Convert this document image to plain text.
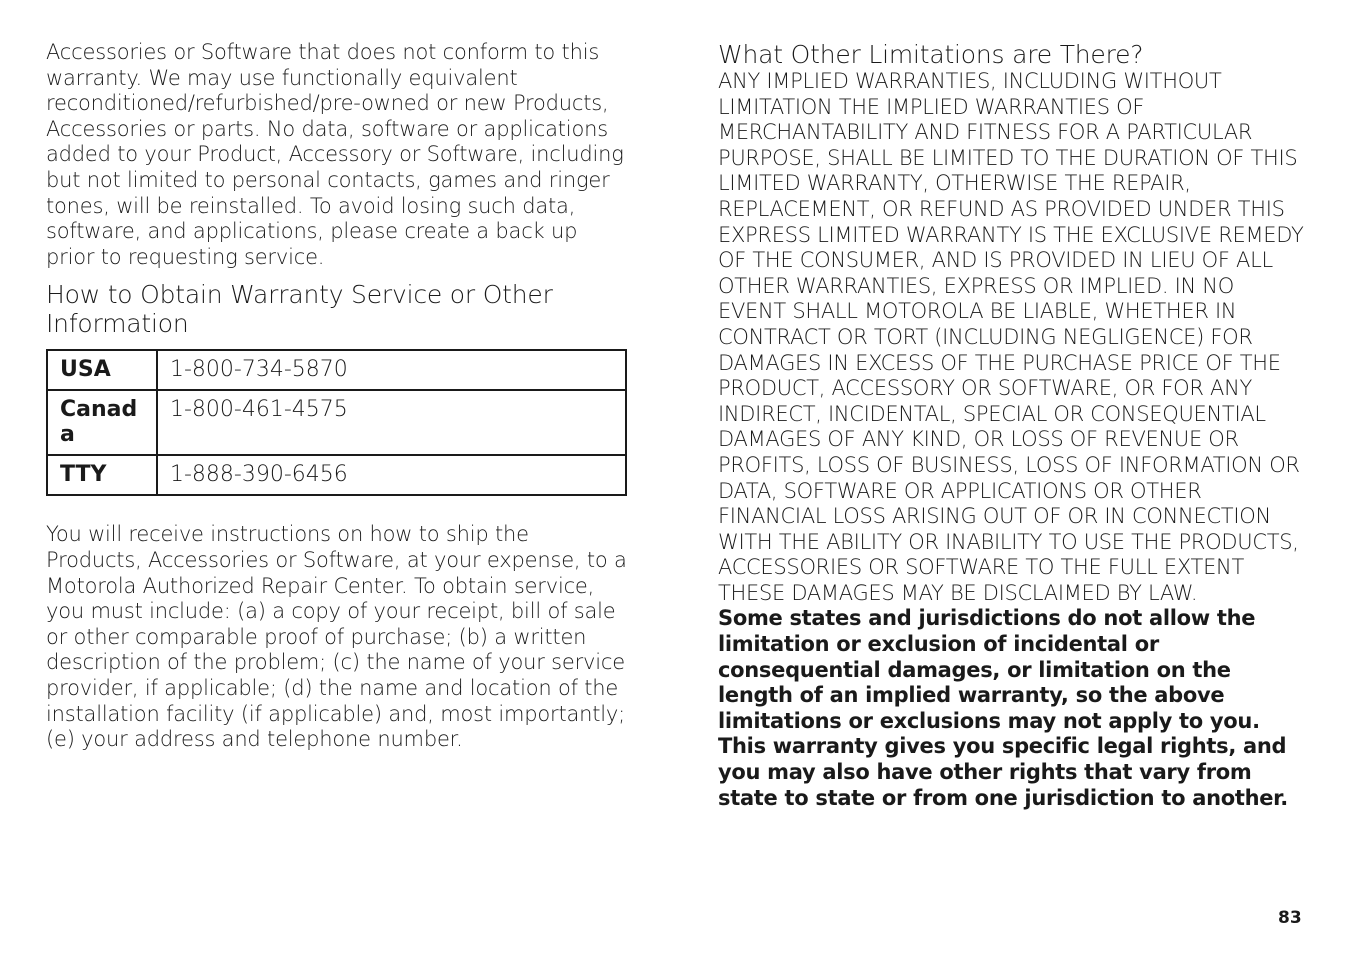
Accessories or Software that does not conform to this warranty. We may use functionally equivalent reconditioned/refurbished/pre-owned or new Products, Accessories or parts. No data, software or applications added to your Product, Accessory or Software, including but not limited to personal contacts, games and ringer tones, will be reinstalled. To avoid losing such data, software, and applications, please create a back up prior to requesting service.

How to Obtain Warranty Service or Other Information
USA	1-800-734-5870
Canada	1-800-461-4575
TTY	1-888-390-6456

You will receive instructions on how to ship the Products, Accessories or Software, at your expense, to a Motorola Authorized Repair Center. To obtain service, you must include: (a) a copy of your receipt, bill of sale or other comparable proof of purchase; (b) a written description of the problem; (c) the name of your service provider, if applicable; (d) the name and location of the installation facility (if applicable) and, most importantly; (e) your address and telephone number.

What Other Limitations are There?

ANY IMPLIED WARRANTIES, INCLUDING WITHOUT LIMITATION THE IMPLIED WARRANTIES OF MERCHANTABILITY AND FITNESS FOR A PARTICULAR PURPOSE, SHALL BE LIMITED TO THE DURATION OF THIS LIMITED WARRANTY, OTHERWISE THE REPAIR, REPLACEMENT, OR REFUND AS PROVIDED UNDER THIS EXPRESS LIMITED WARRANTY IS THE EXCLUSIVE REMEDY OF THE CONSUMER, AND IS PROVIDED IN LIEU OF ALL OTHER WARRANTIES, EXPRESS OR IMPLIED. IN NO EVENT SHALL MOTOROLA BE LIABLE, WHETHER IN CONTRACT OR TORT (INCLUDING NEGLIGENCE) FOR DAMAGES IN EXCESS OF THE PURCHASE PRICE OF THE PRODUCT, ACCESSORY OR SOFTWARE, OR FOR ANY INDIRECT, INCIDENTAL, SPECIAL OR CONSEQUENTIAL DAMAGES OF ANY KIND, OR LOSS OF REVENUE OR PROFITS, LOSS OF BUSINESS, LOSS OF INFORMATION OR DATA, SOFTWARE OR APPLICATIONS OR OTHER FINANCIAL LOSS ARISING OUT OF OR IN CONNECTION WITH THE ABILITY OR INABILITY TO USE THE PRODUCTS, ACCESSORIES OR SOFTWARE TO THE FULL EXTENT THESE DAMAGES MAY BE DISCLAIMED BY LAW.

Some states and jurisdictions do not allow the limitation or exclusion of incidental or consequential damages, or limitation on the length of an implied warranty, so the above limitations or exclusions may not apply to you. This warranty gives you specific legal rights, and you may also have other rights that vary from state to state or from one jurisdiction to another.

83
